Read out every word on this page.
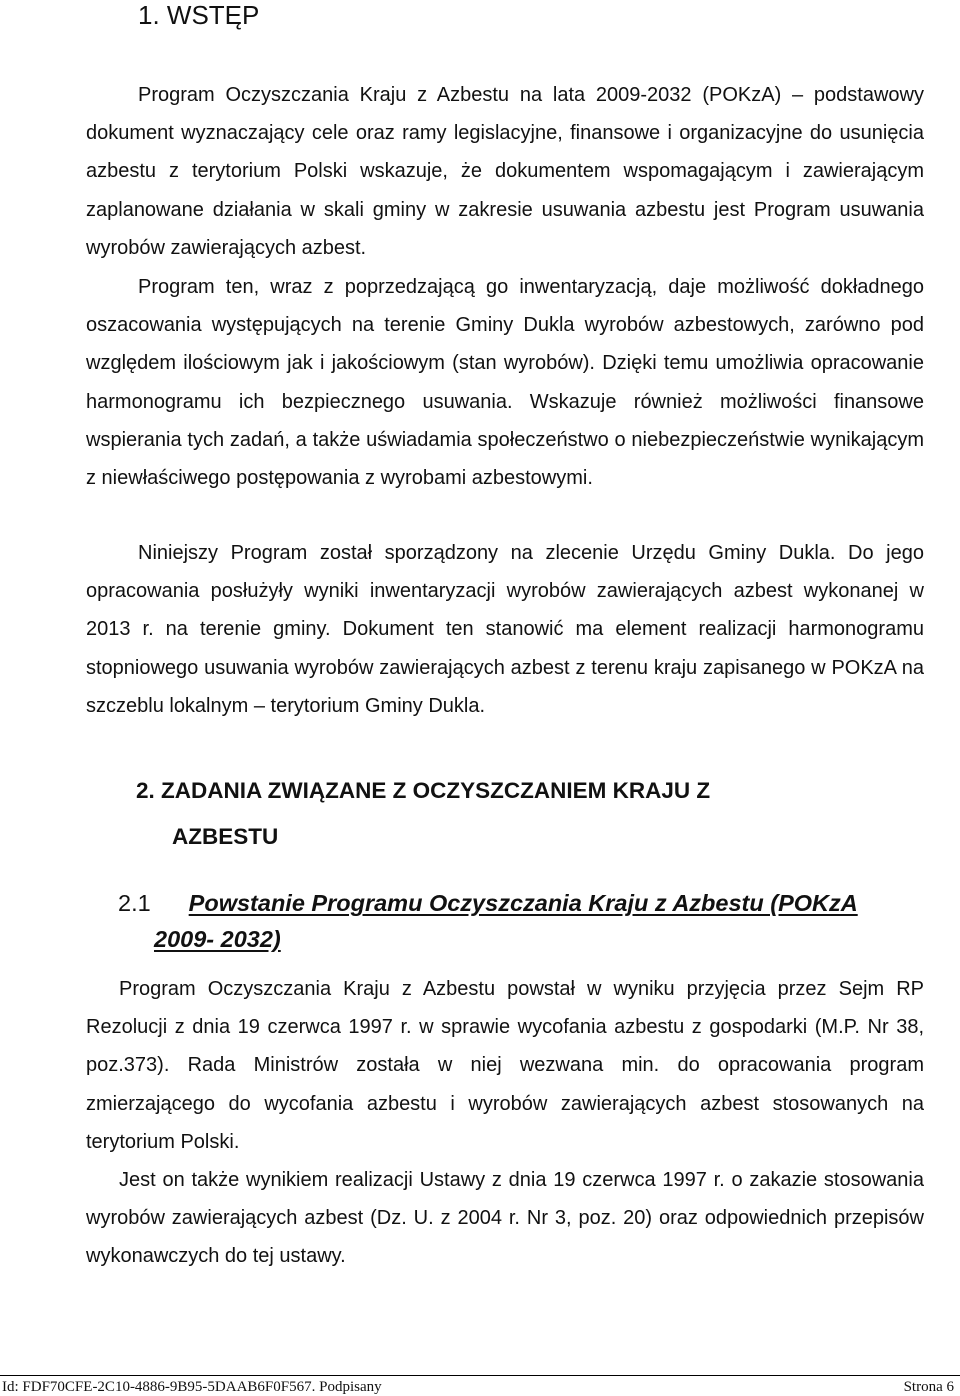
1. WSTĘP

Program Oczyszczania Kraju z Azbestu na lata 2009-2032 (POKzA) – podstawowy dokument wyznaczający cele oraz ramy legislacyjne, finansowe i organizacyjne do usunięcia azbestu z terytorium Polski wskazuje, że dokumentem wspomagającym i zawierającym zaplanowane działania w skali gminy w zakresie usuwania azbestu jest Program usuwania wyrobów zawierających azbest.

Program ten, wraz z poprzedzającą go inwentaryzacją, daje możliwość dokładnego oszacowania występujących na terenie Gminy Dukla wyrobów azbestowych, zarówno pod względem ilościowym jak i jakościowym (stan wyrobów). Dzięki temu umożliwia opracowanie harmonogramu ich bezpiecznego usuwania. Wskazuje również możliwości finansowe wspierania tych zadań, a także uświadamia społeczeństwo o niebezpieczeństwie wynikającym z niewłaściwego postępowania z wyrobami azbestowymi.

Niniejszy Program został sporządzony na zlecenie Urzędu Gminy Dukla. Do jego opracowania posłużyły wyniki inwentaryzacji wyrobów zawierających azbest wykonanej w 2013 r. na terenie gminy. Dokument ten stanowić ma element realizacji harmonogramu stopniowego usuwania wyrobów zawierających azbest z terenu kraju zapisanego w POKzA na szczeblu lokalnym – terytorium Gminy Dukla.

2. ZADANIA ZWIĄZANE Z OCZYSZCZANIEM KRAJU Z
AZBESTU
2.1 Powstanie Programu Oczyszczania Kraju z Azbestu (POKzA
2009- 2032)

Program Oczyszczania Kraju z Azbestu powstał w wyniku przyjęcia przez Sejm RP Rezolucji z dnia 19 czerwca 1997 r. w sprawie wycofania azbestu z gospodarki (M.P. Nr 38, poz.373). Rada Ministrów została w niej wezwana min. do opracowania program zmierzającego do wycofania azbestu i wyrobów zawierających azbest stosowanych na terytorium Polski.

Jest on także wynikiem realizacji Ustawy z dnia 19 czerwca 1997 r. o zakazie stosowania wyrobów zawierających azbest (Dz. U. z 2004 r. Nr 3, poz. 20) oraz odpowiednich przepisów wykonawczych do tej ustawy.

Id: FDF70CFE-2C10-4886-9B95-5DAAB6F0F567. Podpisany	Strona 6
